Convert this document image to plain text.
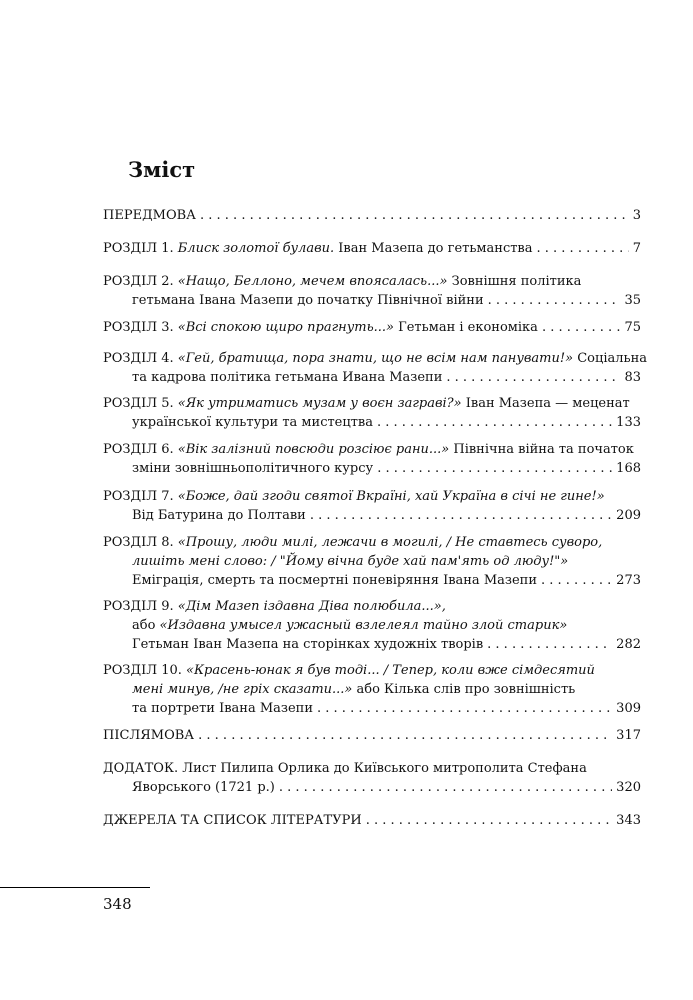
Зміст
ПЕРЕДМОВА . . .	3
РОЗДІЛ 1. Блиск золотої булави. Іван Мазепа до гетьманства . . .	7
РОЗДІЛ 2. «Нащо, Беллоно, мечем впоясалась...» Зовнішня політика
гетьмана Івана Мазепи до початку Північної війни . . .	35
РОЗДІЛ 3. «Всі спокою щиро прагнуть...» Гетьман і економіка . . .	75
РОЗДІЛ 4. «Гей, братища, пора знати, що не всім нам панувати!» Соціальна
та кадрова політика гетьмана Ивана Мазепи . . .	83
РОЗДІЛ 5. «Як утриматись музам у воєн заграві?» Іван Мазепа — меценат
української культури та мистецтва . . .	133
РОЗДІЛ 6. «Вік залізний повсюди розсіює рани...» Північна війна та початок
зміни зовнішньополітичного курсу . . .	168
РОЗДІЛ 7. «Боже, дай згоди святої Вкраїні, хай Україна в січі не гине!»
Від Батурина до Полтави . . .	209
РОЗДІЛ 8. «Прошу, люди милі, лежачи в могилі, / Не ставтесь суворо,
лишіть мені слово: / "Йому вічна буде хай пам'ять од люду!"»
Еміграція, смерть та посмертні поневіряння Івана Мазепи . . .	273
РОЗДІЛ 9. «Дім Мазеп іздавна Діва полюбила...»,
або «Издавна умысел ужасный взлелеял тайно злой старик»
Гетьман Іван Мазепа на сторінках художніх творів . . .	282
РОЗДІЛ 10. «Красень-юнак я був тоді... / Тепер, коли вже сімдесятий
мені минув, /не гріх сказати...» або Кілька слів про зовнішність
та портрети Івана Мазепи . . .	309
ПІСЛЯМОВА . . .	317
ДОДАТОК. Лист Пилипа Орлика до Київського митрополита Стефана
Яворського (1721 р.) . . .	320
ДЖЕРЕЛА ТА СПИСОК ЛІТЕРАТУРИ . . .	343
348
